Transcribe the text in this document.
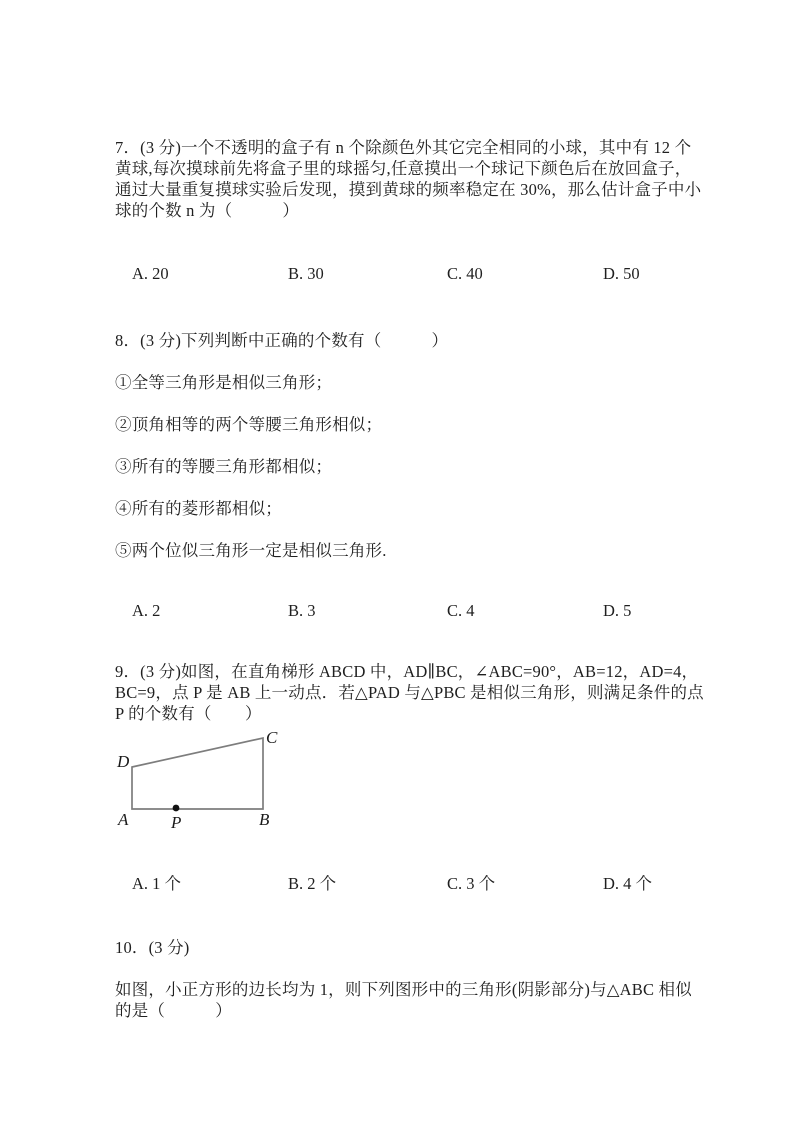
7．(3 分)一个不透明的盒子有 n 个除颜色外其它完全相同的小球，其中有 12 个
黄球,每次摸球前先将盒子里的球摇匀,任意摸出一个球记下颜色后在放回盒子，
通过大量重复摸球实验后发现，摸到黄球的频率稳定在 30%，那么估计盒子中小
球的个数 n 为（　　　）
A. 20	B. 30	C. 40	D. 50
8．(3 分)下列判断中正确的个数有（　　　）
①全等三角形是相似三角形；
②顶角相等的两个等腰三角形相似；
③所有的等腰三角形都相似；
④所有的菱形都相似；
⑤两个位似三角形一定是相似三角形.
A. 2	B. 3	C. 4	D. 5
9．(3 分)如图，在直角梯形 ABCD 中，AD∥BC，∠ABC=90°，AB=12，AD=4，
BC=9，点 P 是 AB 上一动点．若△PAD 与△PBC 是相似三角形，则满足条件的点
P 的个数有（　　）
D
C
A	P	B
A. 1 个	B. 2 个	C. 3 个	D. 4 个
10．(3 分)
如图，小正方形的边长均为 1，则下列图形中的三角形(阴影部分)与△ABC 相似
的是（　　　）
